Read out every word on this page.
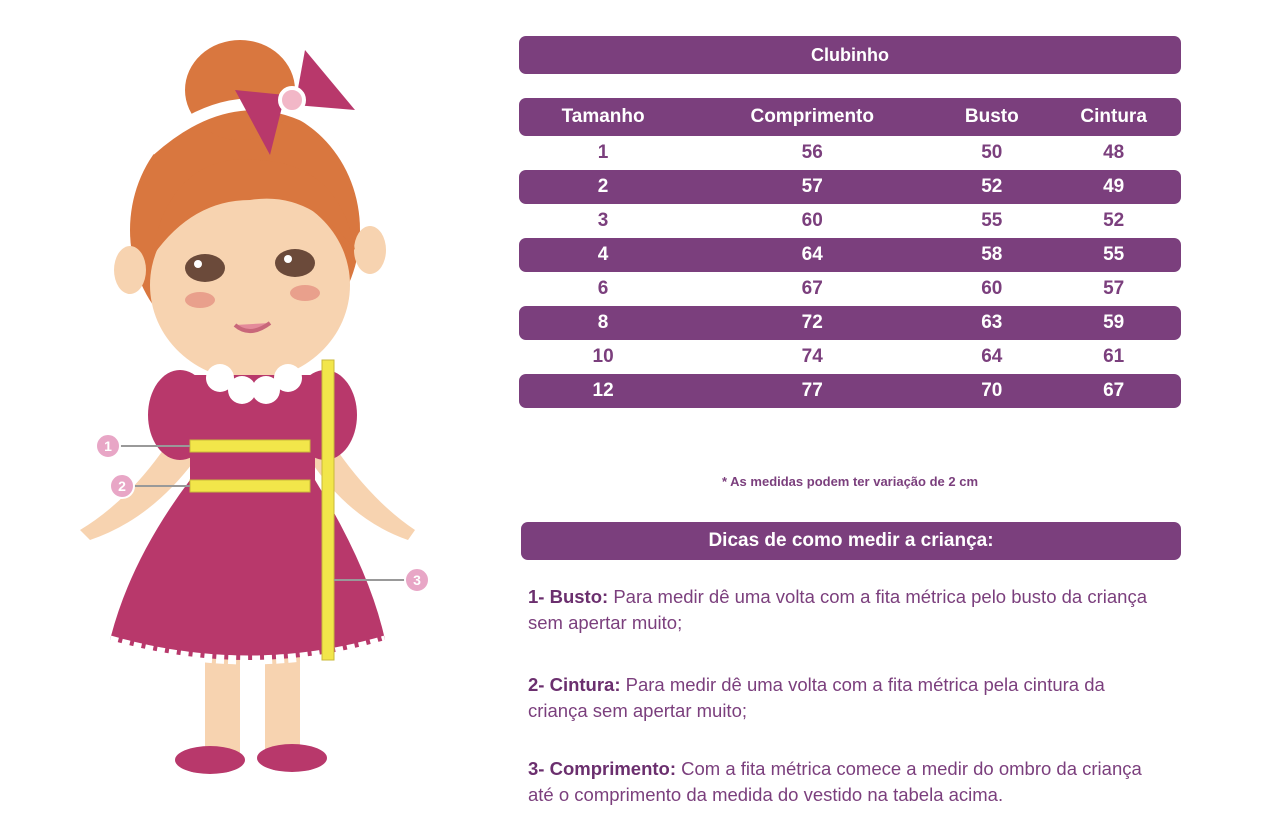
1
2
3
Clubinho
Tamanho	Comprimento	Busto	Cintura
1	56	50	48
2	57	52	49
3	60	55	52
4	64	58	55
6	67	60	57
8	72	63	59
10	74	64	61
12	77	70	67
* As medidas podem ter variação de 2 cm
Dicas de como medir a criança:
1- Busto: Para medir dê uma volta com a fita métrica pelo busto da criança sem apertar muito;
2- Cintura: Para medir dê uma volta com a fita métrica pela cintura da criança sem apertar muito;
3- Comprimento: Com a fita métrica comece a medir do ombro da criança até o comprimento da medida do vestido na tabela acima.
